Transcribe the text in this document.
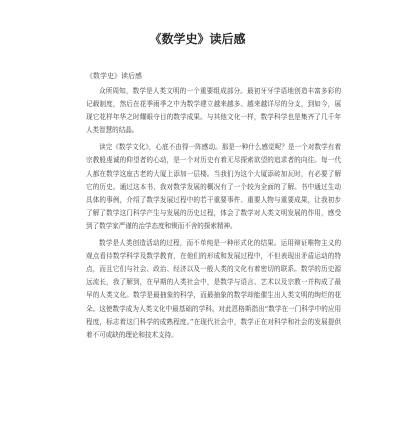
《数学史》读后感

《数学史》读后感

众所周知，数学是人类文明的一个重要组成部分。最初牙牙学语地创造丰富多彩的记载制度，然后在花季雨季之中为数学建立越来越多、越来越详尽的分支，到如今，展现它花样年华之时耀眼夺目的数学成果。与其他文化一样，数学科学也是集齐了几千年人类智慧的结晶。

读完《数学文化》，心底不由得一阵感动。那是一种什么感觉呢？是一个对数学有着宗教般虔诚的仰望者的心动，是一个对历史有着无尽探索欲望的追求者的向往。每一代人都在数学这座古老的大厦上添加一层楼。当我们为这个大厦添砖加瓦时，有必要了解它的历史。通过这本书，我对数学发展的概况有了一个较为全面的了解。书中通过生动具体的事例，介绍了数学发展过程中的若干重要事件、重要人物与重要成果，让我初步了解了数学这门科学产生与发展的历史过程，体会了数学对人类文明发展的作用，感受到了数学家严谨的治学态度和锲而不舍的探索精神。

数学是人类创造活动的过程，而不单纯是一种形式化的结果。运用辩证唯物主义的观点看待数学科学及数学教育，在他们的形成和发展过程中，不但表现出矛盾运动的特点，而且它们与社会、政治、经济以及一般人类的文化有着密切的联系。数学的历史源远流长，我了解到，在早期的人类社会中，是数学与语言、艺术以及宗教一并构成了最早的人类文化。数学是最抽象的科学，而最抽象的数学却能催生出人类文明的绚烂的花朵。这使数学成为人类文化中最基础的学科。对此恩格斯指出“数学在一门科学中的应用程度，标志着这门科学的成熟程度。”在现代社会中，数学正在对科学和社会的发展提供着不可或缺的理论和技术支持。
